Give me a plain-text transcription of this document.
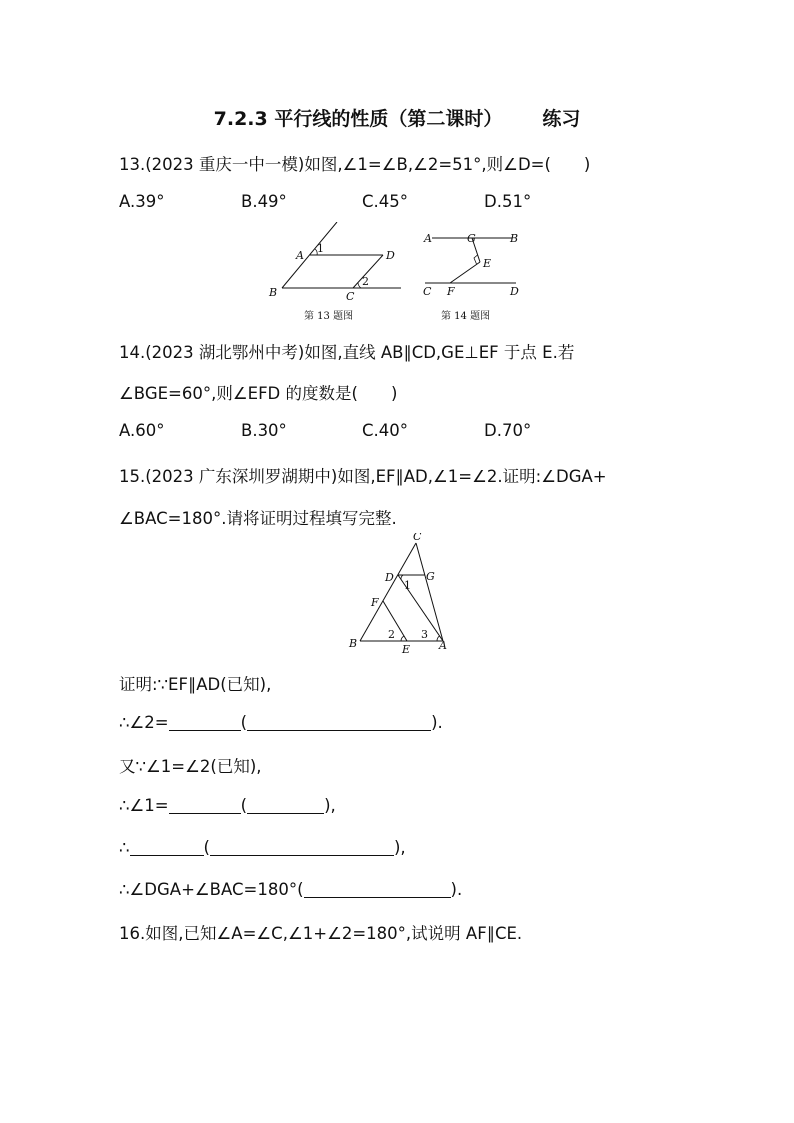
7.2.3 平行线的性质（第二课时） 练习
13.(2023 重庆一中一模)如图,∠1=∠B,∠2=51°,则∠D=(　　)
A.39°	B.49°	C.45°	D.51°
A
B	C
D
1
2
第 13 题图
A	G	B
E
C F	D
第 14 题图
14.(2023 湖北鄂州中考)如图,直线 AB∥CD,GE⊥EF 于点 E.若
∠BGE=60°,则∠EFD 的度数是(　　)
A.60°	B.30°	C.40°	D.70°
15.(2023 广东深圳罗湖期中)如图,EF∥AD,∠1=∠2.证明:∠DGA+
∠BAC=180°.请将证明过程填写完整.
C
D	G
1
F
B
2 3
E	A
证明:∵EF∥AD(已知),
∴∠2=	(	).
又∵∠1=∠2(已知),
∴∠1=	(	),
∴	(	),
∴∠DGA+∠BAC=180°(	).
16.如图,已知∠A=∠C,∠1+∠2=180°,试说明 AF∥CE.
